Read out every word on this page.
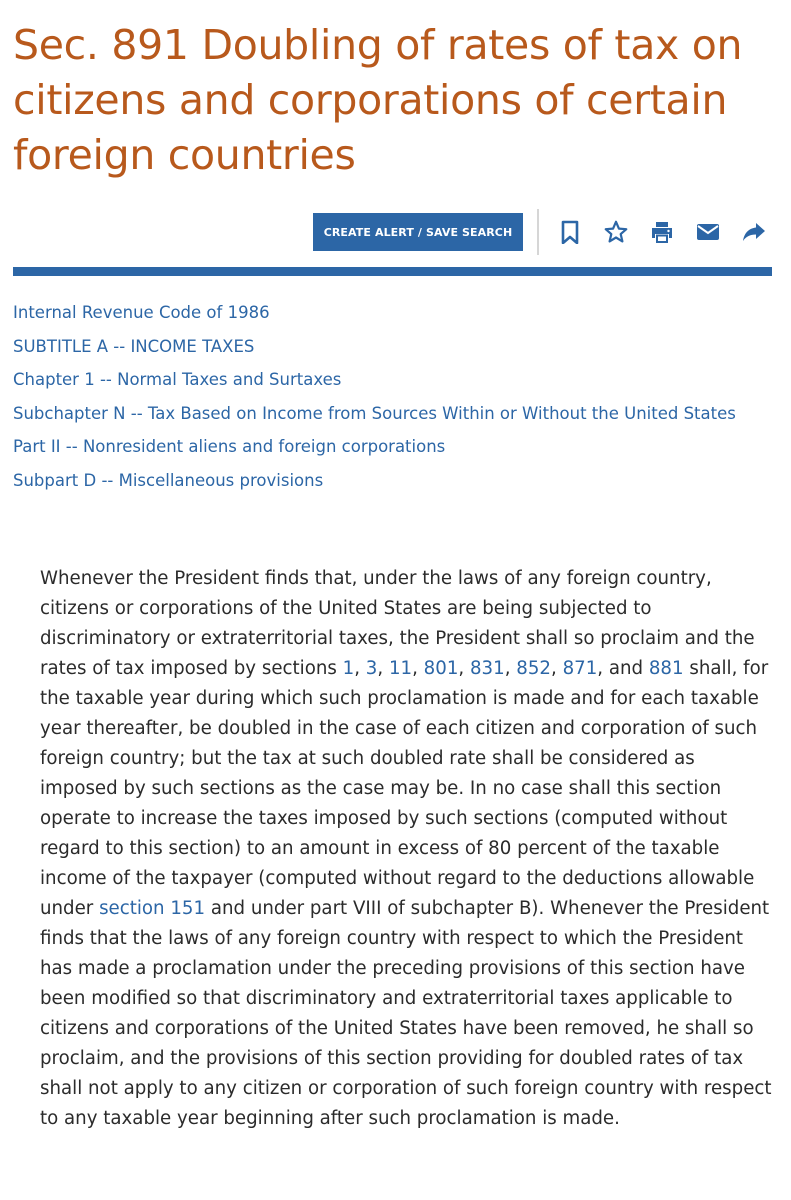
Sec. 891 Doubling of rates of tax on citizens and corporations of certain foreign countries
CREATE ALERT / SAVE SEARCH
Internal Revenue Code of 1986
SUBTITLE A -- INCOME TAXES
Chapter 1 -- Normal Taxes and Surtaxes
Subchapter N -- Tax Based on Income from Sources Within or Without the United States
Part II -- Nonresident aliens and foreign corporations
Subpart D -- Miscellaneous provisions

Whenever the President finds that, under the laws of any foreign country, citizens or corporations of the United States are being subjected to discriminatory or extraterritorial taxes, the President shall so proclaim and the rates of tax imposed by sections 1, 3, 11, 801, 831, 852, 871, and 881 shall, for the taxable year during which such proclamation is made and for each taxable year thereafter, be doubled in the case of each citizen and corporation of such foreign country; but the tax at such doubled rate shall be considered as imposed by such sections as the case may be. In no case shall this section operate to increase the taxes imposed by such sections (computed without regard to this section) to an amount in excess of 80 percent of the taxable income of the taxpayer (computed without regard to the deductions allowable under section 151 and under part VIII of subchapter B). Whenever the President finds that the laws of any foreign country with respect to which the President has made a proclamation under the preceding provisions of this section have been modified so that discriminatory and extraterritorial taxes applicable to citizens and corporations of the United States have been removed, he shall so proclaim, and the provisions of this section providing for doubled rates of tax shall not apply to any citizen or corporation of such foreign country with respect to any taxable year beginning after such proclamation is made.
